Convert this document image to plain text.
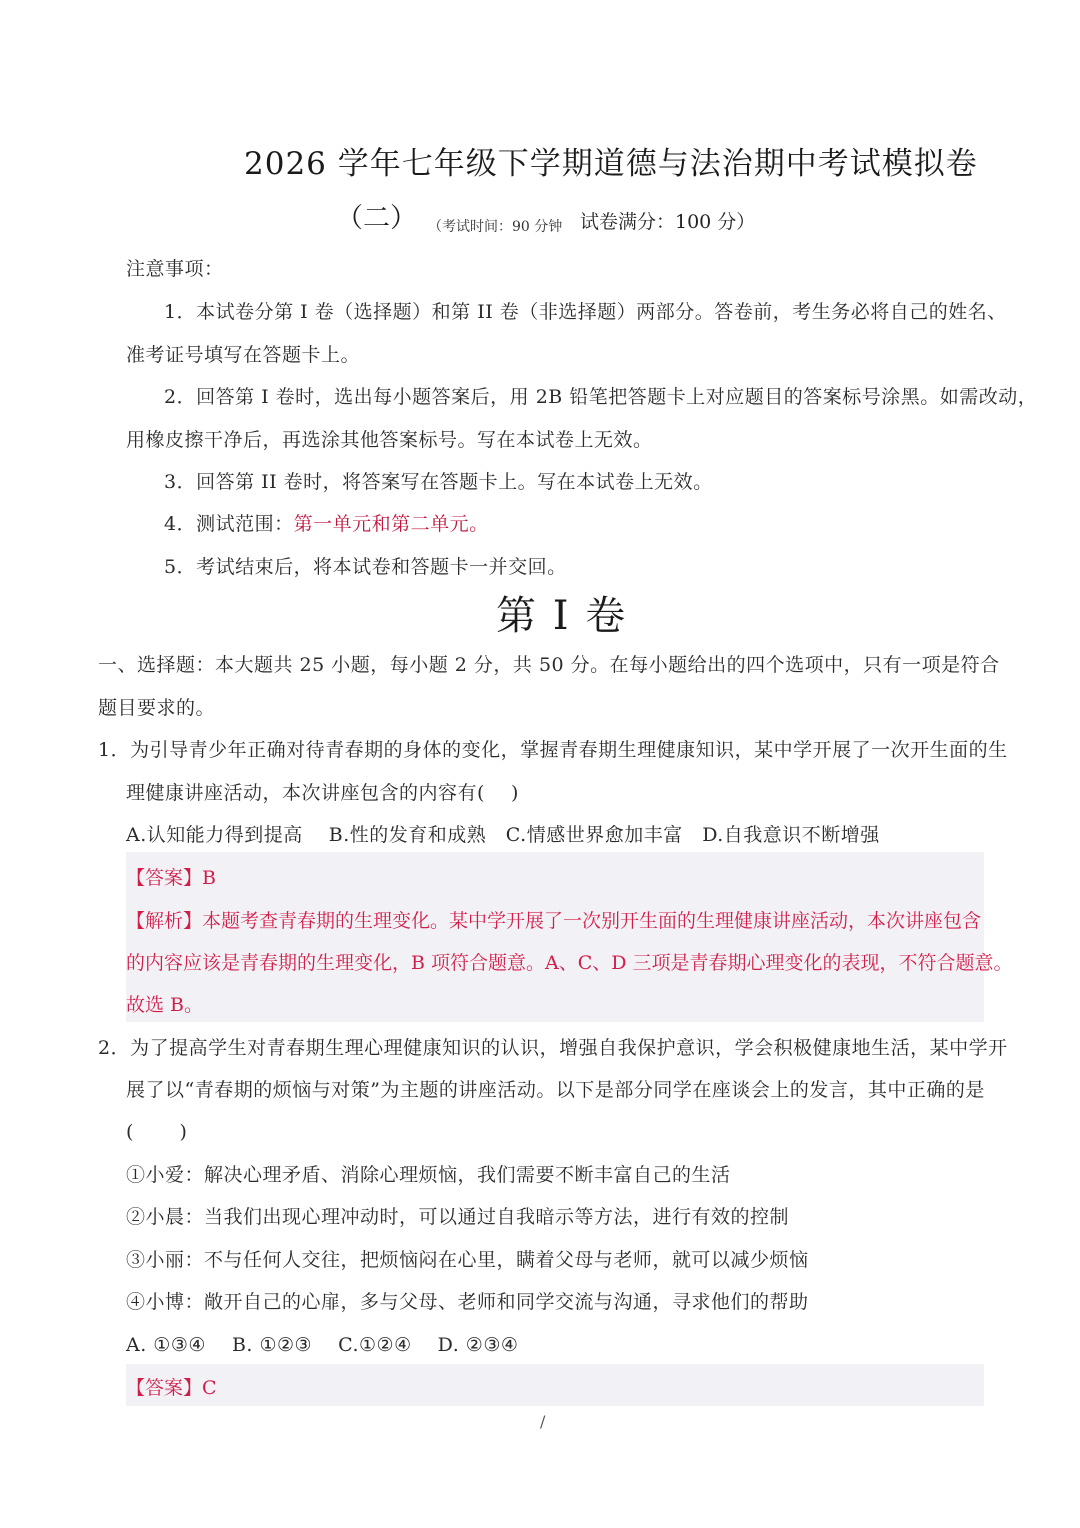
2026 学年七年级下学期道德与法治期中考试模拟卷
（二） （考试时间：90 分钟 试卷满分：100 分）
注意事项：
1．本试卷分第 I 卷（选择题）和第 II 卷（非选择题）两部分。答卷前，考生务必将自己的姓名、
准考证号填写在答题卡上。
2．回答第 I 卷时，选出每小题答案后，用 2B 铅笔把答题卡上对应题目的答案标号涂黑。如需改动，
用橡皮擦干净后，再选涂其他答案标号。写在本试卷上无效。
3．回答第 II 卷时，将答案写在答题卡上。写在本试卷上无效。
4．测试范围：第一单元和第二单元。
5．考试结束后，将本试卷和答题卡一并交回。
第 I 卷
一、选择题：本大题共 25 小题，每小题 2 分，共 50 分。在每小题给出的四个选项中，只有一项是符合
题目要求的。
1．为引导青少年正确对待青春期的身体的变化，掌握青春期生理健康知识，某中学开展了一次开生面的生
理健康讲座活动，本次讲座包含的内容有(　 )
A.认知能力得到提高　 B.性的发育和成熟　C.情感世界愈加丰富　D.自我意识不断增强
【答案】B
【解析】本题考查青春期的生理变化。某中学开展了一次别开生面的生理健康讲座活动，本次讲座包含
的内容应该是青春期的生理变化，B 项符合题意。A、C、D 三项是青春期心理变化的表现，不符合题意。
故选 B。
2．为了提高学生对青春期生理心理健康知识的认识，增强自我保护意识，学会积极健康地生活，某中学开
展了以“青春期的烦恼与对策”为主题的讲座活动。以下是部分同学在座谈会上的发言，其中正确的是
(　　 )
①小爱：解决心理矛盾、消除心理烦恼，我们需要不断丰富自己的生活
②小晨：当我们出现心理冲动时，可以通过自我暗示等方法，进行有效的控制
③小丽：不与任何人交往，把烦恼闷在心里，瞒着父母与老师，就可以减少烦恼
④小博：敞开自己的心扉，多与父母、老师和同学交流与沟通，寻求他们的帮助
A. ①③④　 B. ①②③　 C.①②④　 D. ②③④
【答案】C
/
